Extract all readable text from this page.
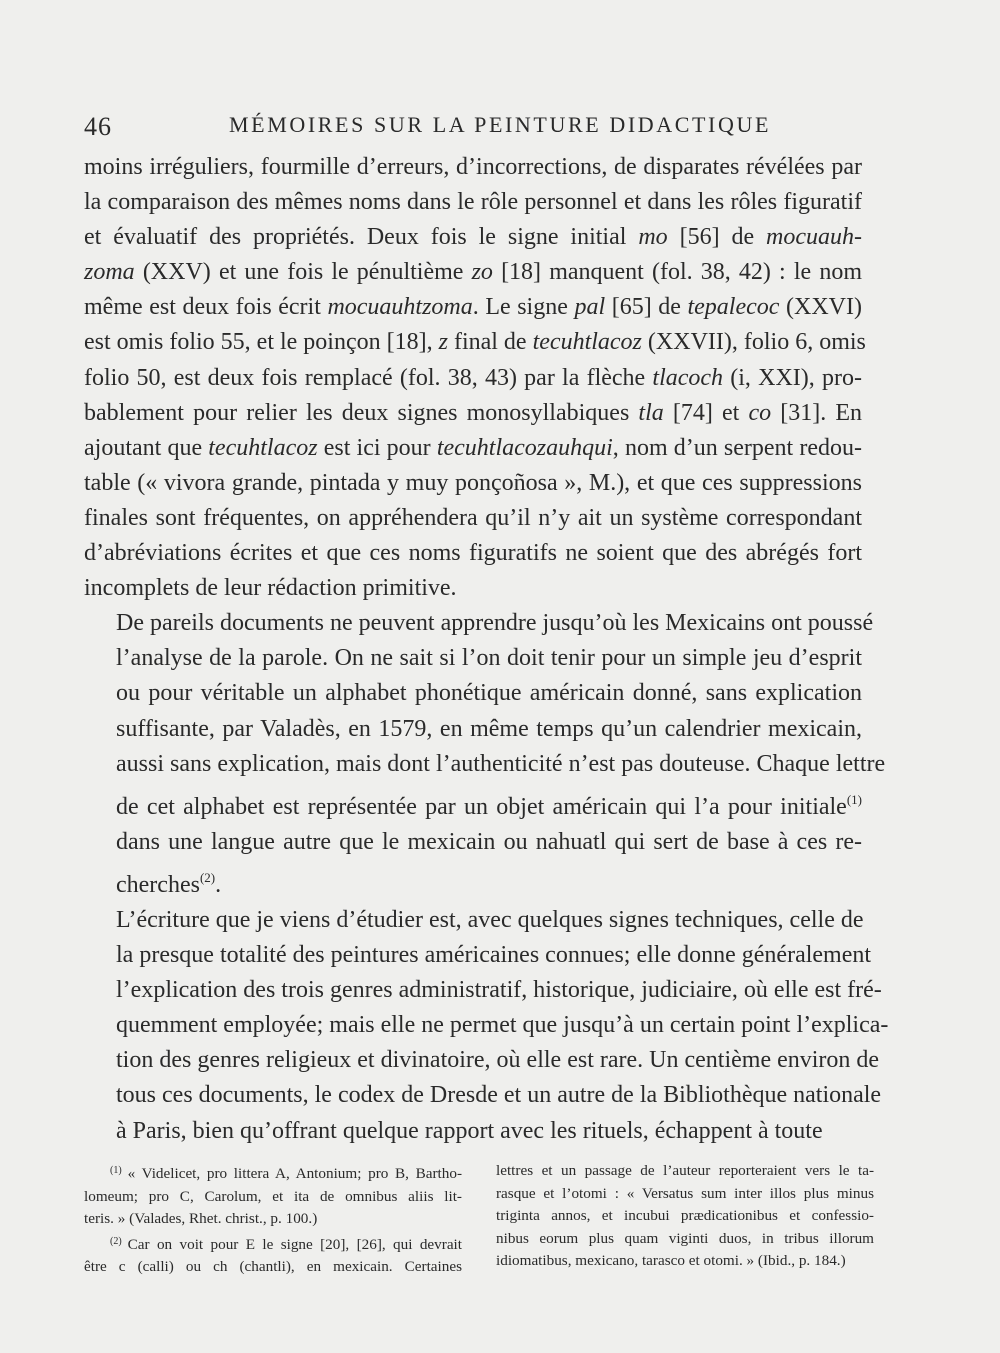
46	MÉMOIRES SUR LA PEINTURE DIDACTIQUE

moins irréguliers, fourmille d’erreurs, d’incorrections, de disparates révélées par
la comparaison des mêmes noms dans le rôle personnel et dans les rôles figuratif
et évaluatif des propriétés. Deux fois le signe initial mo [56] de mocuauh-
zoma (XXV) et une fois le pénultième zo [18] manquent (fol. 38, 42) : le nom
même est deux fois écrit mocuauhtzoma. Le signe pal [65] de tepalecoc (XXVI)
est omis folio 55, et le poinçon [18], z final de tecuhtlacoz (XXVII), folio 6, omis
folio 50, est deux fois remplacé (fol. 38, 43) par la flèche tlacoch (i, XXI), pro-
bablement pour relier les deux signes monosyllabiques tla [74] et co [31]. En
ajoutant que tecuhtlacoz est ici pour tecuhtlacozauhqui, nom d’un serpent redou-
table (« vivora grande, pintada y muy ponçoñosa », M.), et que ces suppressions
finales sont fréquentes, on appréhendera qu’il n’y ait un système correspondant
d’abréviations écrites et que ces noms figuratifs ne soient que des abrégés fort
incomplets de leur rédaction primitive.

De pareils documents ne peuvent apprendre jusqu’où les Mexicains ont poussé
l’analyse de la parole. On ne sait si l’on doit tenir pour un simple jeu d’esprit
ou pour véritable un alphabet phonétique américain donné, sans explication
suffisante, par Valadès, en 1579, en même temps qu’un calendrier mexicain,
aussi sans explication, mais dont l’authenticité n’est pas douteuse. Chaque lettre
de cet alphabet est représentée par un objet américain qui l’a pour initiale$^{(1)}$
dans une langue autre que le mexicain ou nahuatl qui sert de base à ces re-
cherches$^{(2)}$.

L’écriture que je viens d’étudier est, avec quelques signes techniques, celle de
la presque totalité des peintures américaines connues; elle donne généralement
l’explication des trois genres administratif, historique, judiciaire, où elle est fré-
quemment employée; mais elle ne permet que jusqu’à un certain point l’explica-
tion des genres religieux et divinatoire, où elle est rare. Un centième environ de
tous ces documents, le codex de Dresde et un autre de la Bibliothèque nationale
à Paris, bien qu’offrant quelque rapport avec les rituels, échappent à toute

$^{(1)}$ « Videlicet, pro littera A, Antonium; pro B, Bartho-
lomeum; pro C, Carolum, et ita de omnibus aliis lit-
teris. » (Valades, Rhet. christ., p. 100.)
$^{(2)}$ Car on voit pour E le signe [20], [26], qui devrait
être c (calli) ou ch (chantli), en mexicain. Certaines
lettres et un passage de l’auteur reporteraient vers le ta-
rasque et l’otomi : « Versatus sum inter illos plus minus
triginta annos, et incubui prædicationibus et confessio-
nibus eorum plus quam viginti duos, in tribus illorum
idiomatibus, mexicano, tarasco et otomi. » (Ibid., p. 184.)
